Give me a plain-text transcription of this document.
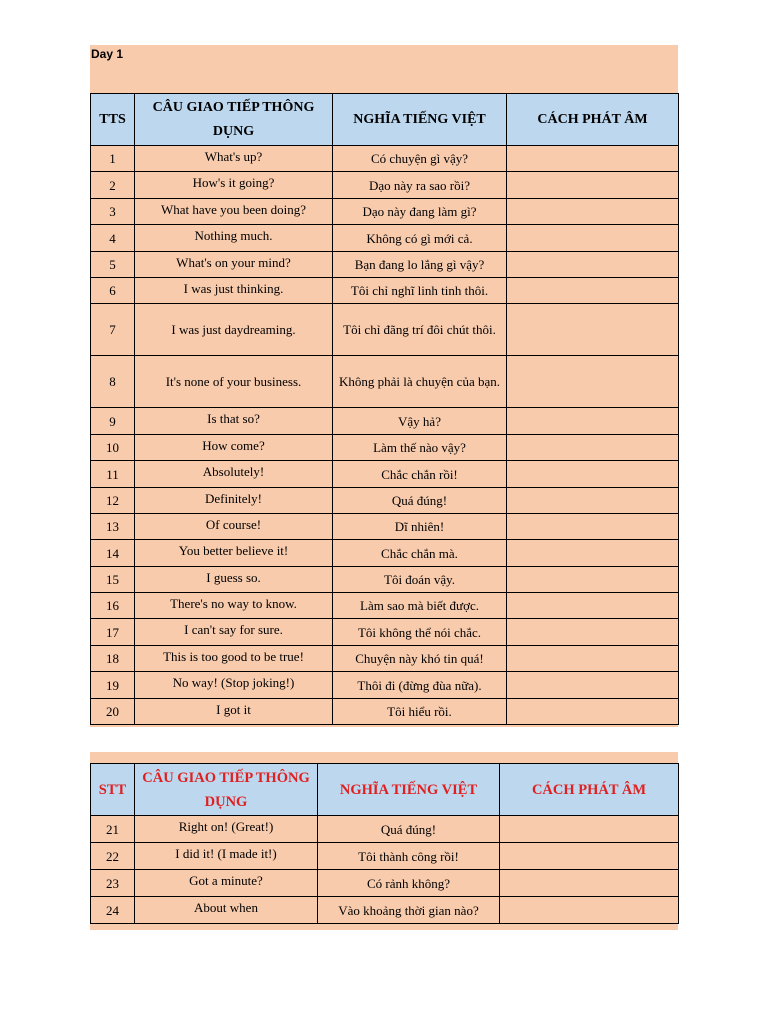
Day 1
TTS	CÂU GIAO TIẾP THÔNG DỤNG	NGHĨA TIẾNG VIỆT	CÁCH PHÁT ÂM
1	What's up?	Có chuyện gì vậy?	
2	How's it going?	Dạo này ra sao rồi?	
3	What have you been doing?	Dạo này đang làm gì?	
4	Nothing much.	Không có gì mới cả.	
5	What's on your mind?	Bạn đang lo lắng gì vậy?	
6	I was just thinking.	Tôi chỉ nghĩ linh tinh thôi.	
7	I was just daydreaming.	Tôi chỉ đãng trí đôi chút thôi.	
8	It's none of your business.	Không phải là chuyện của bạn.	
9	Is that so?	Vậy hả?	
10	How come?	Làm thế nào vậy?	
11	Absolutely!	Chắc chắn rồi!	
12	Definitely!	Quá đúng!	
13	Of course!	Dĩ nhiên!	
14	You better believe it!	Chắc chắn mà.	
15	I guess so.	Tôi đoán vậy.	
16	There's no way to know.	Làm sao mà biết được.	
17	I can't say for sure.	Tôi không thể nói chắc.	
18	This is too good to be true!	Chuyện này khó tin quá!	
19	No way! (Stop joking!)	Thôi đi (đừng đùa nữa).	
20	I got it	Tôi hiểu rồi.	
STT	CÂU GIAO TIẾP THÔNG DỤNG	NGHĨA TIẾNG VIỆT	CÁCH PHÁT ÂM
21	Right on! (Great!)	Quá đúng!	
22	I did it! (I made it!)	Tôi thành công rồi!	
23	Got a minute?	Có rảnh không?	
24	About when	Vào khoảng thời gian nào?	
